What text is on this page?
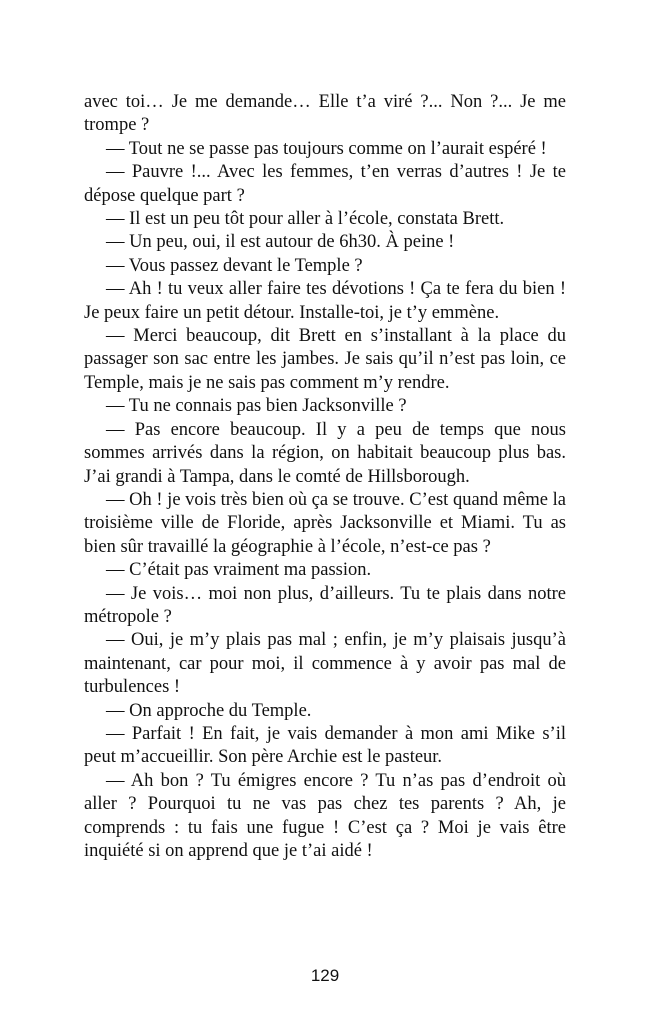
avec toi… Je me demande… Elle t’a viré ?... Non ?... Je me trompe ?

— Tout ne se passe pas toujours comme on l’aurait espéré !

— Pauvre !... Avec les femmes, t’en verras d’autres ! Je te dépose quelque part ?

— Il est un peu tôt pour aller à l’école, constata Brett.

— Un peu, oui, il est autour de 6h30. À peine !

— Vous passez devant le Temple ?

— Ah ! tu veux aller faire tes dévotions ! Ça te fera du bien ! Je peux faire un petit détour. Installe-toi, je t’y emmène.

— Merci beaucoup, dit Brett en s’installant à la place du passager son sac entre les jambes. Je sais qu’il n’est pas loin, ce Temple, mais je ne sais pas comment m’y rendre.

— Tu ne connais pas bien Jacksonville ?

— Pas encore beaucoup. Il y a peu de temps que nous sommes arrivés dans la région, on habitait beaucoup plus bas. J’ai grandi à Tampa, dans le comté de Hillsborough.

— Oh ! je vois très bien où ça se trouve. C’est quand même la troisième ville de Floride, après Jacksonville et Miami. Tu as bien sûr travaillé la géographie à l’école, n’est-ce pas ?

— C’était pas vraiment ma passion.

— Je vois… moi non plus, d’ailleurs. Tu te plais dans notre métropole ?

— Oui, je m’y plais pas mal ; enfin, je m’y plaisais jusqu’à maintenant, car pour moi, il commence à y avoir pas mal de turbulences !

— On approche du Temple.

— Parfait ! En fait, je vais demander à mon ami Mike s’il peut m’accueillir. Son père Archie est le pasteur.

— Ah bon ? Tu émigres encore ? Tu n’as pas d’endroit où aller ? Pourquoi tu ne vas pas chez tes parents ? Ah, je comprends : tu fais une fugue ! C’est ça ? Moi je vais être inquiété si on apprend que je t’ai aidé !

129
